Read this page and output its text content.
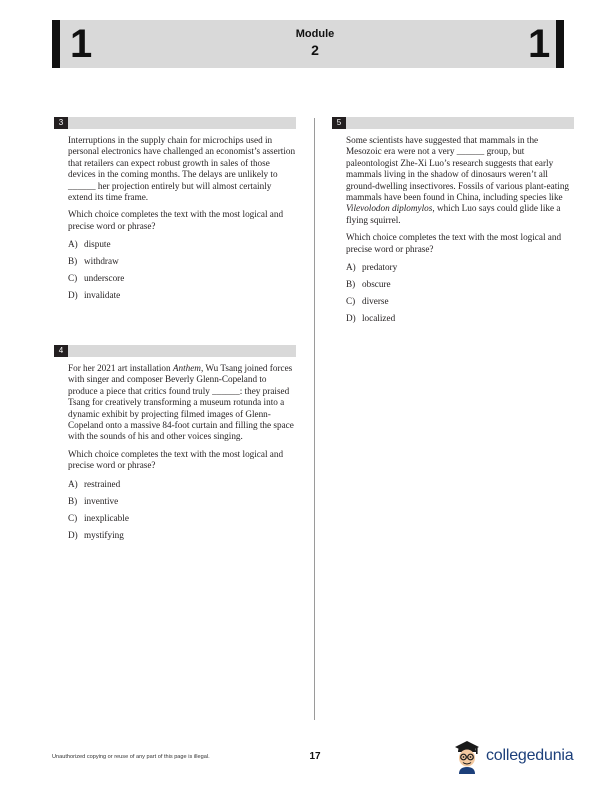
1	1
Module
2
3

Interruptions in the supply chain for microchips used in personal electronics have challenged an economist’s assertion that retailers can expect robust growth in sales of those devices in the coming months. The delays are unlikely to ______ her projection entirely but will almost certainly extend its time frame.

Which choice completes the text with the most logical and precise word or phrase?

A) dispute
B) withdraw
C) underscore
D) invalidate
4

For her 2021 art installation Anthem, Wu Tsang joined forces with singer and composer Beverly Glenn-Copeland to produce a piece that critics found truly ______: they praised Tsang for creatively transforming a museum rotunda into a dynamic exhibit by projecting filmed images of Glenn-Copeland onto a massive 84-foot curtain and filling the space with the sounds of his and other voices singing.

Which choice completes the text with the most logical and precise word or phrase?

A) restrained
B) inventive
C) inexplicable
D) mystifying
5

Some scientists have suggested that mammals in the Mesozoic era were not a very ______ group, but paleontologist Zhe-Xi Luo’s research suggests that early mammals living in the shadow of dinosaurs weren’t all ground-dwelling insectivores. Fossils of various plant-eating mammals have been found in China, including species like Vilevolodon diplomylos, which Luo says could glide like a flying squirrel.

Which choice completes the text with the most logical and precise word or phrase?

A) predatory
B) obscure
C) diverse
D) localized
Unauthorized copying or reuse of any part of this page is illegal.	17	collegedunia
